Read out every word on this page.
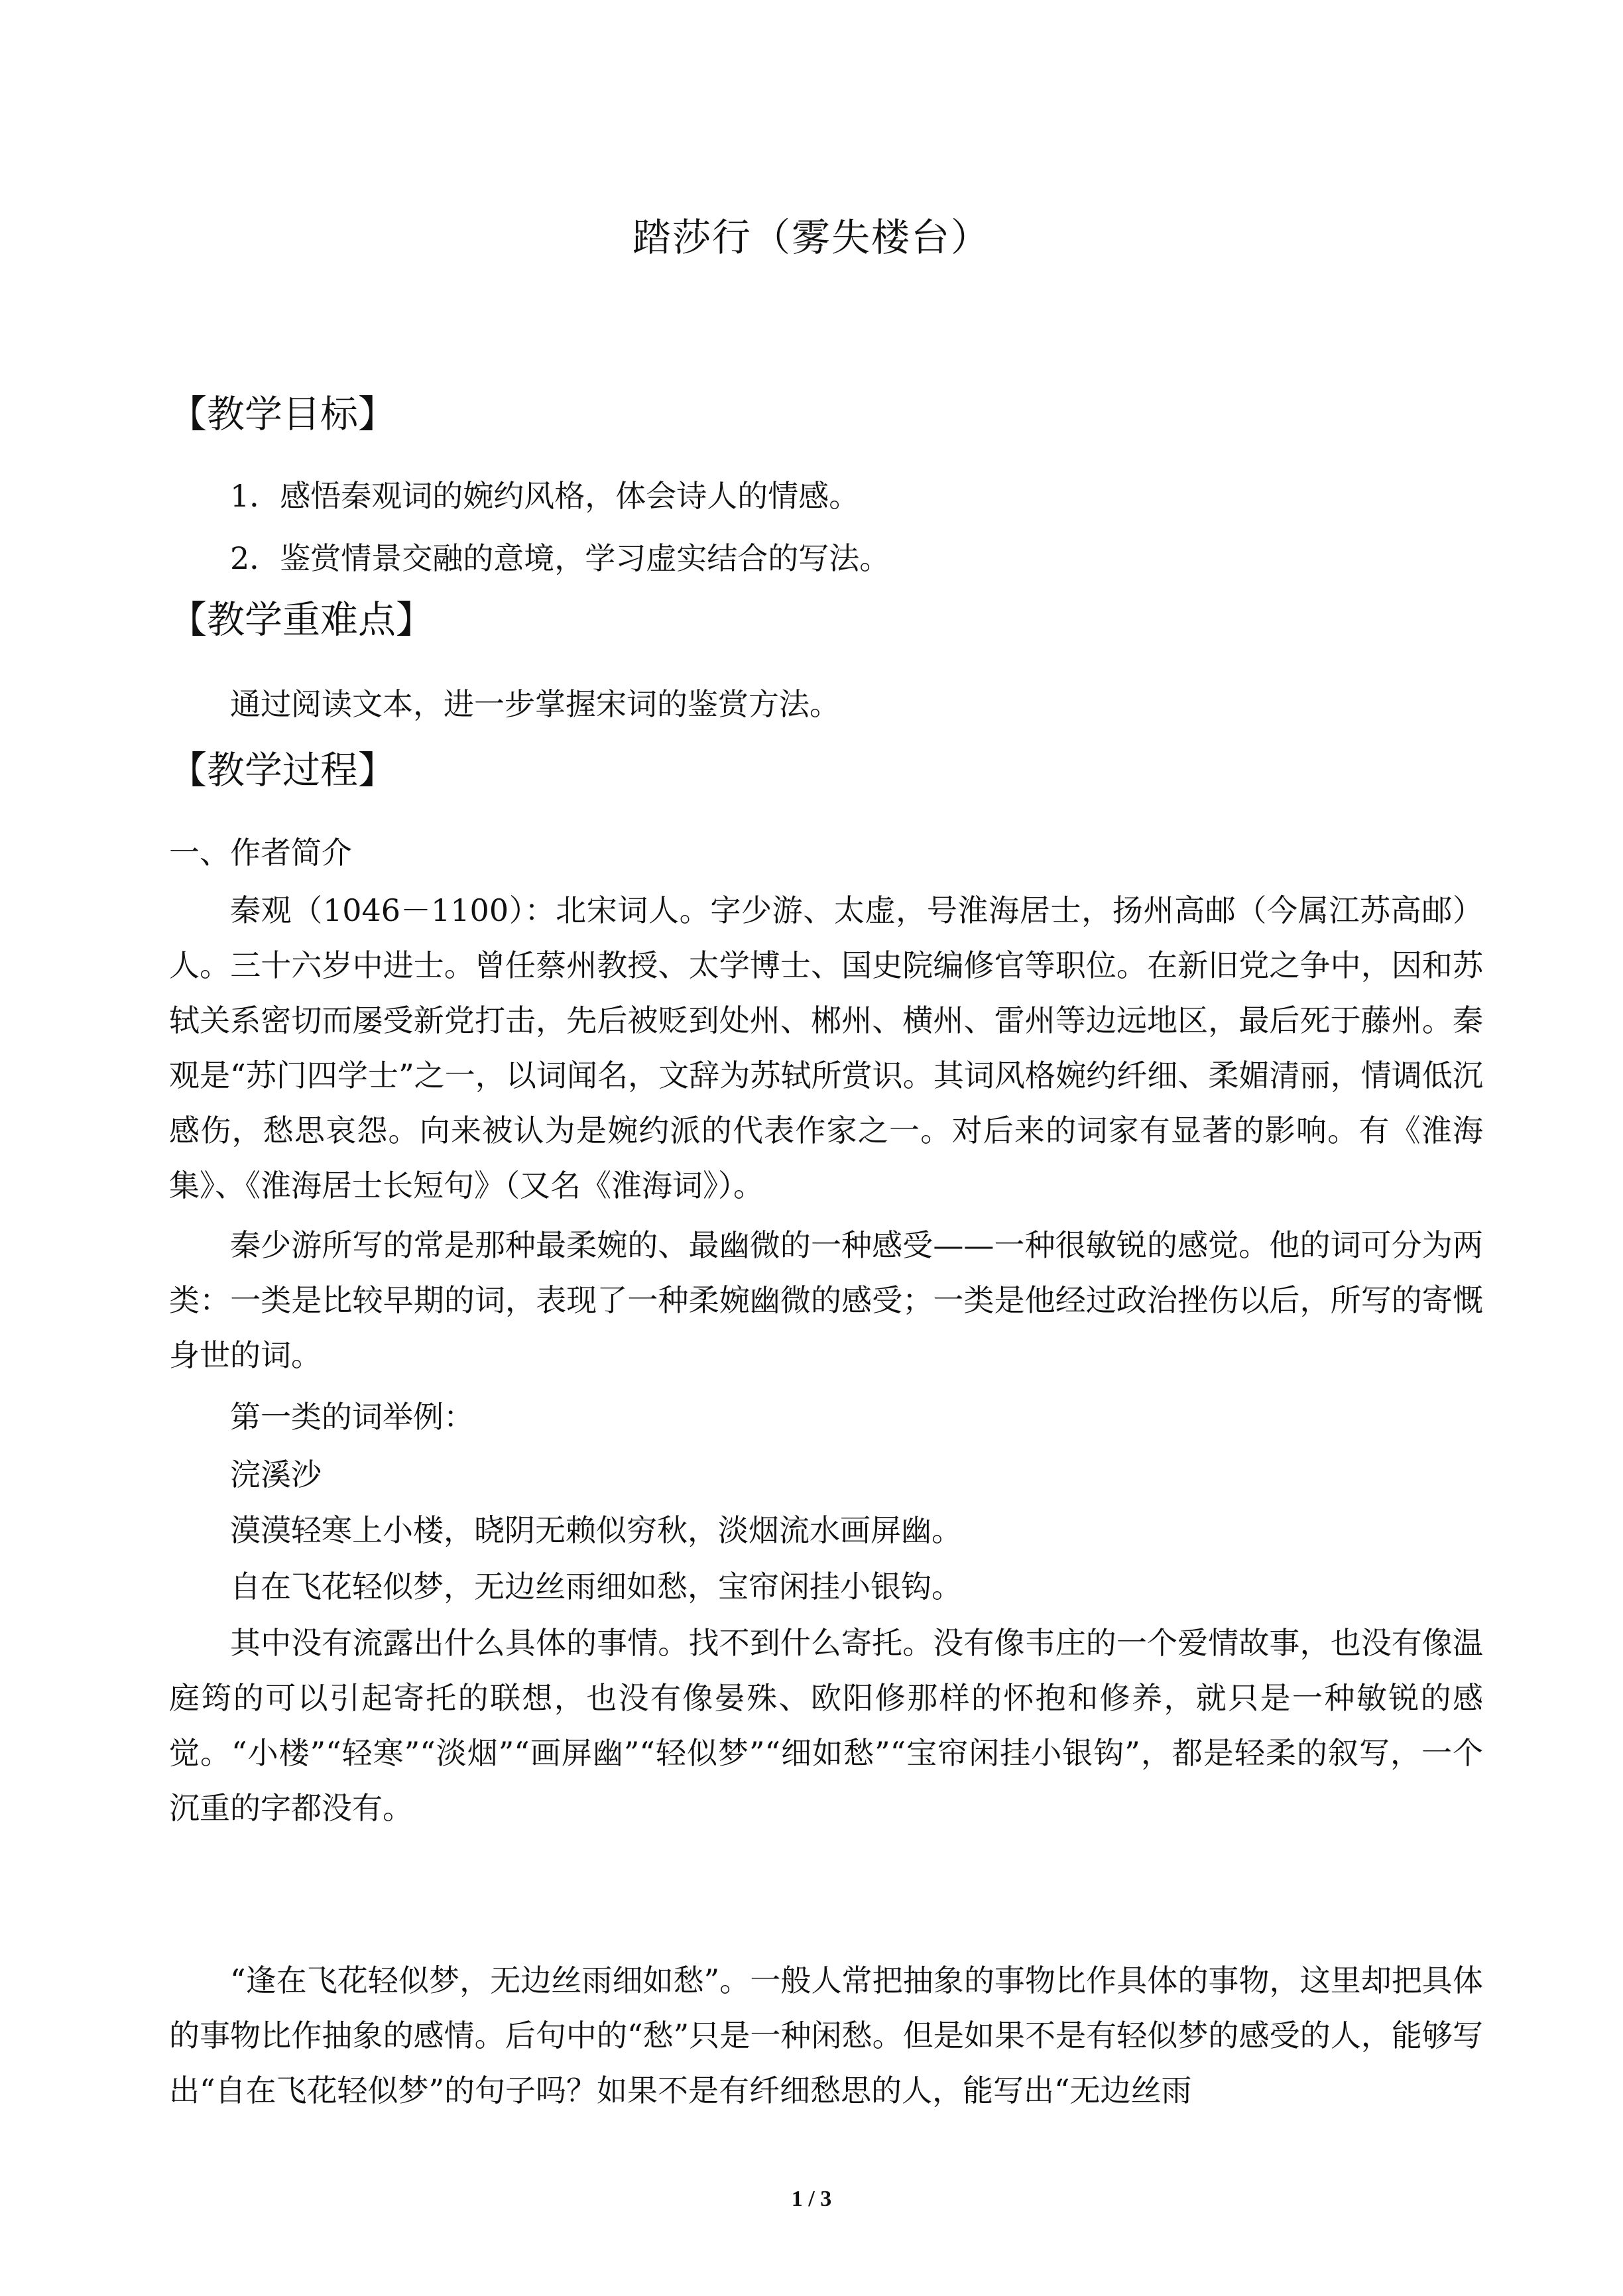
踏莎行（雾失楼台）
【教学目标】

1．感悟秦观词的婉约风格，体会诗人的情感。

2．鉴赏情景交融的意境，学习虚实结合的写法。

【教学重难点】

通过阅读文本，进一步掌握宋词的鉴赏方法。

【教学过程】

一、作者简介

秦观（1046－1100）：北宋词人。字少游、太虚，号淮海居士，扬州高邮（今属江苏高邮）人。三十六岁中进士。曾任蔡州教授、太学博士、国史院编修官等职位。在新旧党之争中，因和苏轼关系密切而屡受新党打击，先后被贬到处州、郴州、横州、雷州等边远地区，最后死于藤州。秦观是“苏门四学士”之一，以词闻名，文辞为苏轼所赏识。其词风格婉约纤细、柔媚清丽，情调低沉感伤，愁思哀怨。向来被认为是婉约派的代表作家之一。对后来的词家有显著的影响。有《淮海集》、《淮海居士长短句》（又名《淮海词》）。

秦少游所写的常是那种最柔婉的、最幽微的一种感受——一种很敏锐的感觉。他的词可分为两类：一类是比较早期的词，表现了一种柔婉幽微的感受；一类是他经过政治挫伤以后，所写的寄慨身世的词。

第一类的词举例：

浣溪沙

漠漠轻寒上小楼，晓阴无赖似穷秋，淡烟流水画屏幽。

自在飞花轻似梦，无边丝雨细如愁，宝帘闲挂小银钩。

其中没有流露出什么具体的事情。找不到什么寄托。没有像韦庄的一个爱情故事，也没有像温庭筠的可以引起寄托的联想，也没有像晏殊、欧阳修那样的怀抱和修养，就只是一种敏锐的感觉。“小楼”“轻寒”“淡烟”“画屏幽”“轻似梦”“细如愁”“宝帘闲挂小银钩”，都是轻柔的叙写，一个沉重的字都没有。

“逢在飞花轻似梦，无边丝雨细如愁”。一般人常把抽象的事物比作具体的事物，这里却把具体的事物比作抽象的感情。后句中的“愁”只是一种闲愁。但是如果不是有轻似梦的感受的人，能够写出“自在飞花轻似梦”的句子吗？如果不是有纤细愁思的人，能写出“无边丝雨

1 / 3
